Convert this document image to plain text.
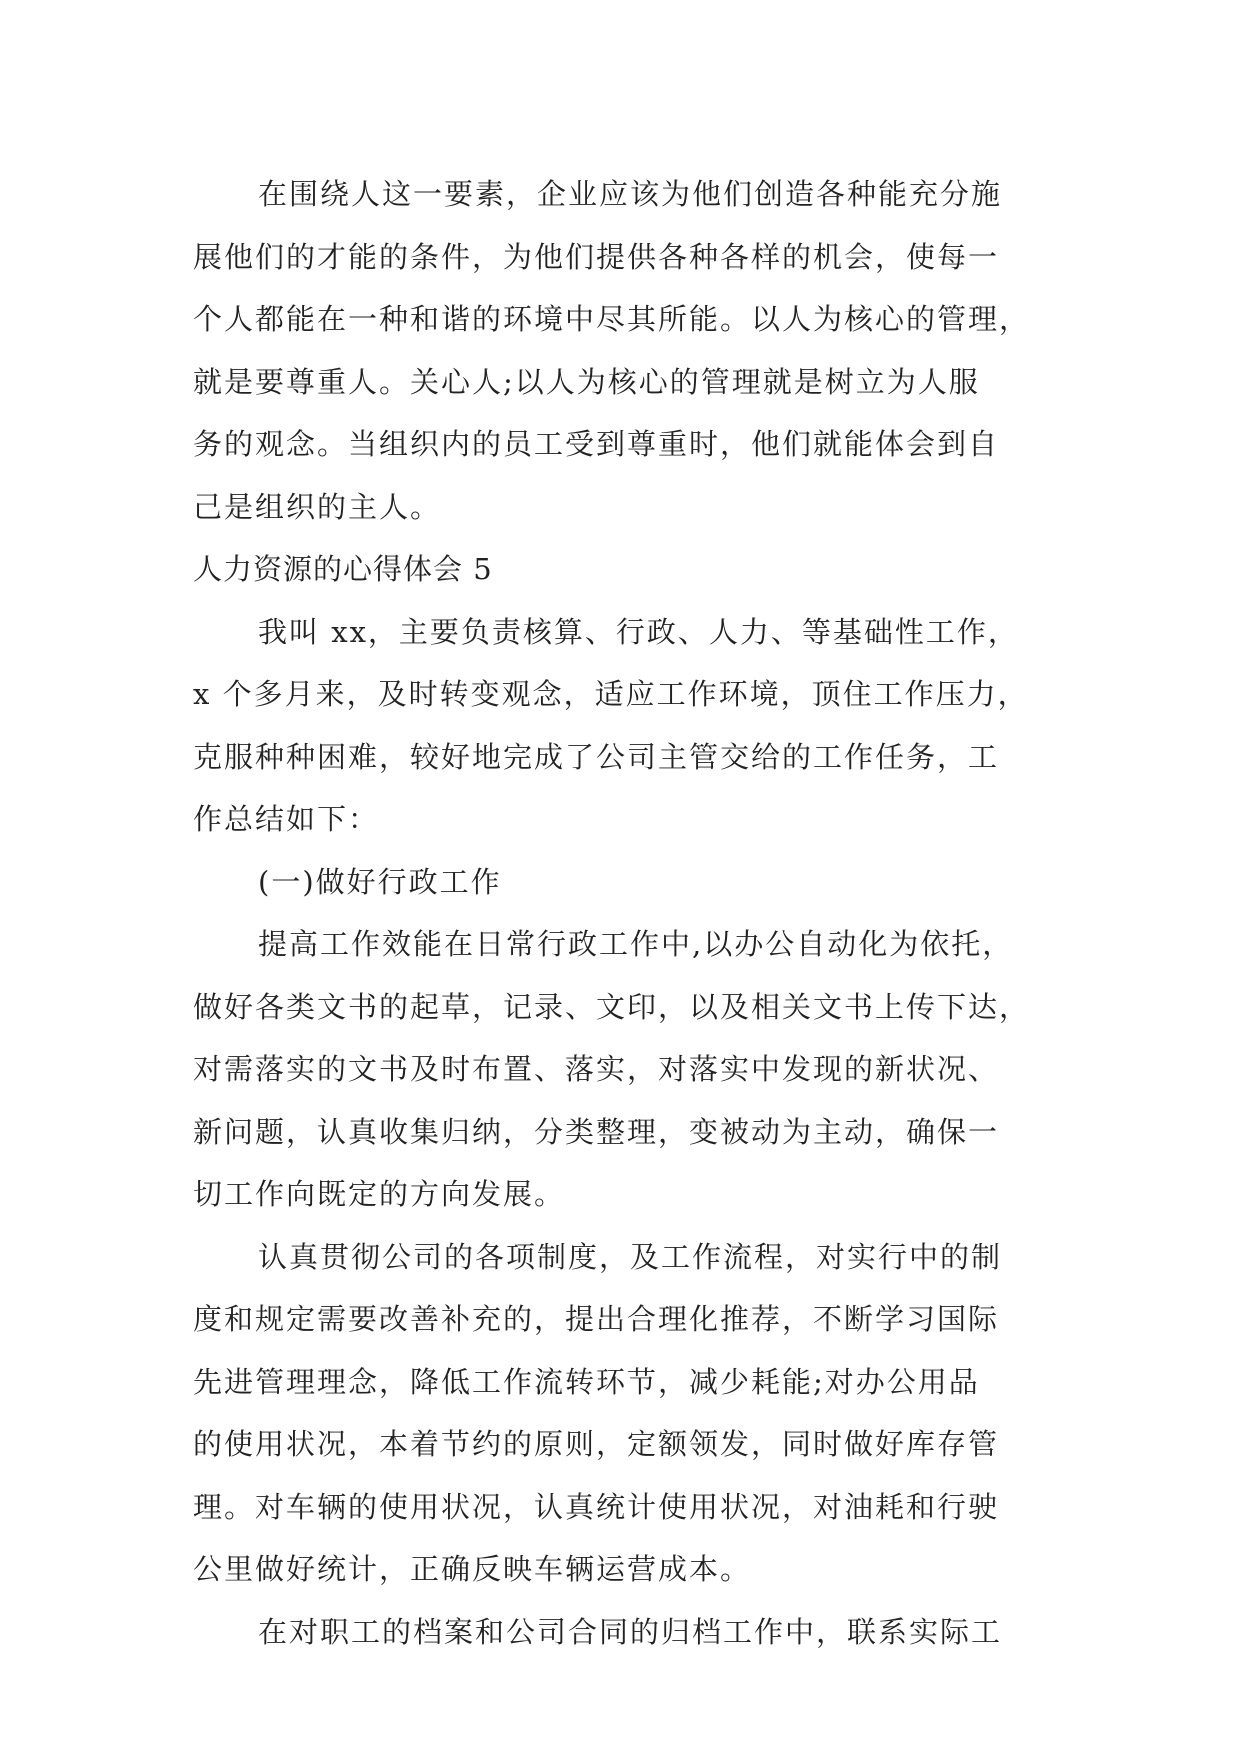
在围绕人这一要素，企业应该为他们创造各种能充分施
展他们的才能的条件，为他们提供各种各样的机会，使每一
个人都能在一种和谐的环境中尽其所能。以人为核心的管理，
就是要尊重人。关心人;以人为核心的管理就是树立为人服
务的观念。当组织内的员工受到尊重时，他们就能体会到自
己是组织的主人。
人力资源的心得体会 5
我叫 xx，主要负责核算、行政、人力、等基础性工作，
x 个多月来，及时转变观念，适应工作环境，顶住工作压力，
克服种种困难，较好地完成了公司主管交给的工作任务，工
作总结如下：
(一)做好行政工作
提高工作效能在日常行政工作中,以办公自动化为依托，
做好各类文书的起草，记录、文印，以及相关文书上传下达，
对需落实的文书及时布置、落实，对落实中发现的新状况、
新问题，认真收集归纳，分类整理，变被动为主动，确保一
切工作向既定的方向发展。
认真贯彻公司的各项制度，及工作流程，对实行中的制
度和规定需要改善补充的，提出合理化推荐，不断学习国际
先进管理理念，降低工作流转环节，减少耗能;对办公用品
的使用状况，本着节约的原则，定额领发，同时做好库存管
理。对车辆的使用状况，认真统计使用状况，对油耗和行驶
公里做好统计，正确反映车辆运营成本。
在对职工的档案和公司合同的归档工作中，联系实际工
